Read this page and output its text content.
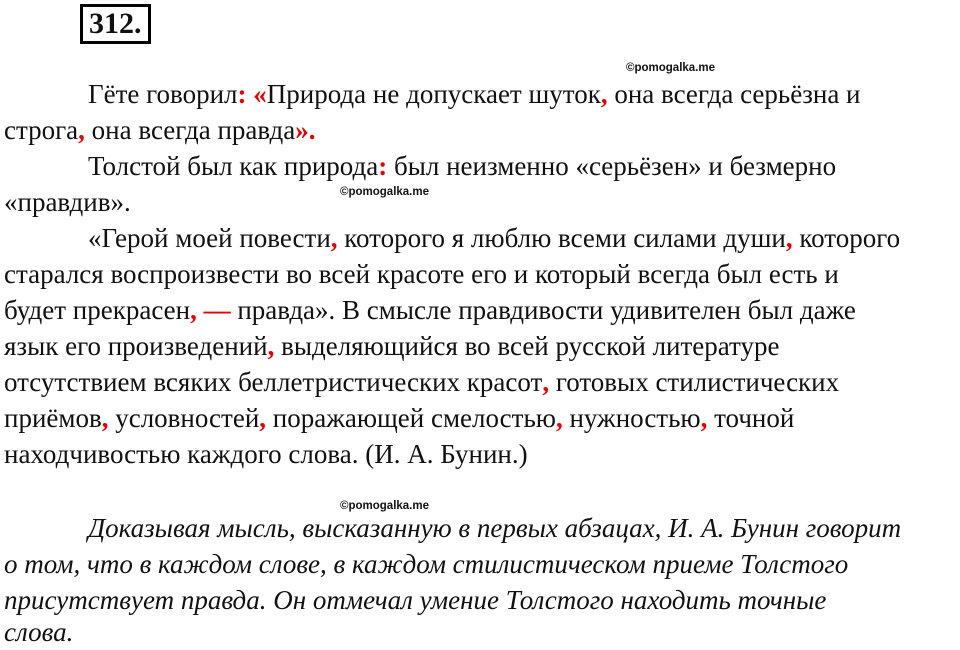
312.
©pomogalka.me
©pomogalka.me
©pomogalka.me
Гёте говорил: «Природа не допускает шуток, она всегда серьёзна и
строга, она всегда правда».
Толстой был как природа: был неизменно «серьёзен» и безмерно
«правдив».
«Герой моей повести, которого я люблю всеми силами души, которого
старался воспроизвести во всей красоте его и который всегда был есть и
будет прекрасен, — правда». В смысле правдивости удивителен был даже
язык его произведений, выделяющийся во всей русской литературе
отсутствием всяких беллетристических красот, готовых стилистических
приёмов, условностей, поражающей смелостью, нужностью, точной
находчивостью каждого слова. (И. А. Бунин.)
Доказывая мысль, высказанную в первых абзацах, И. А. Бунин говорит
о том, что в каждом слове, в каждом стилистическом приеме Толстого
присутствует правда. Он отмечал умение Толстого находить точные
слова.
